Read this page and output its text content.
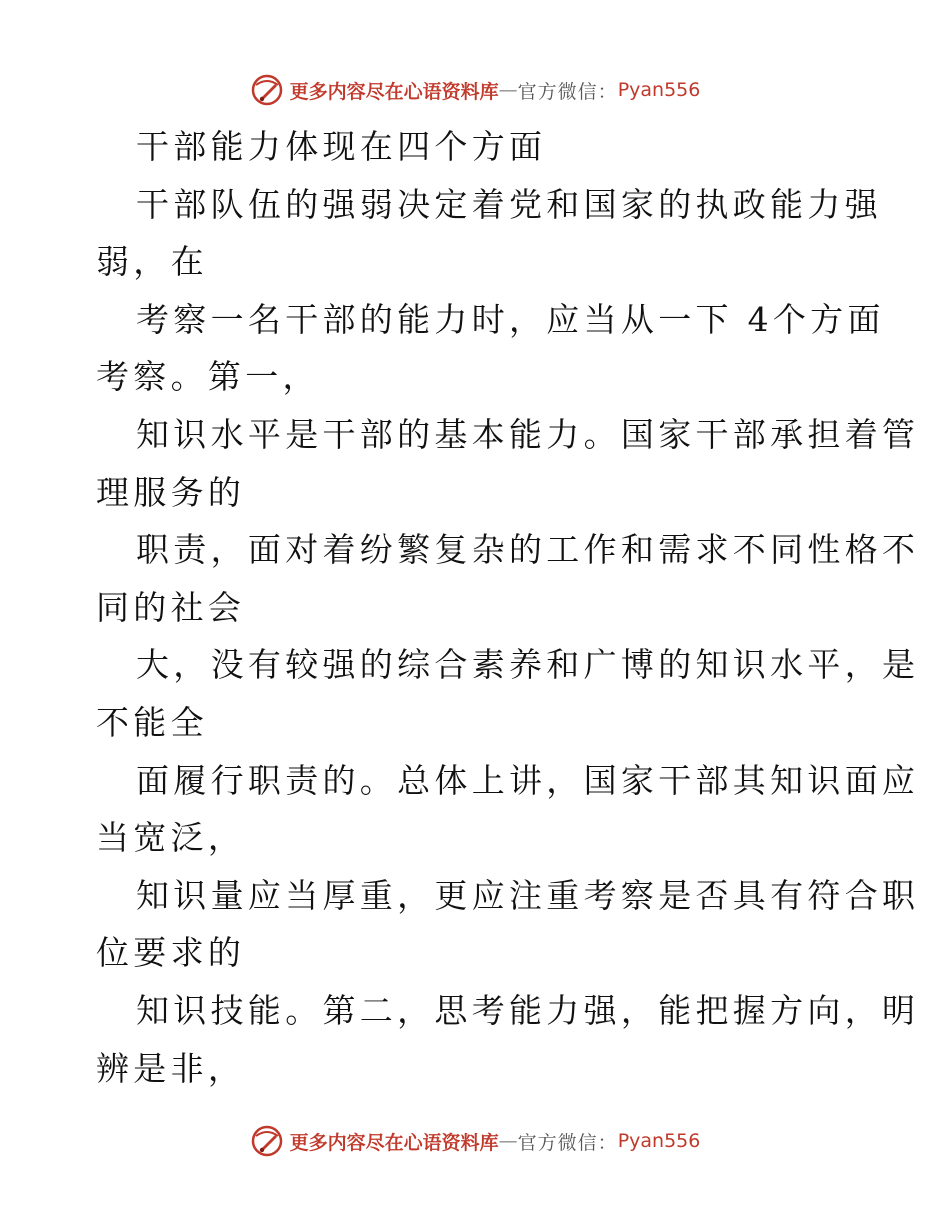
更多内容尽在心语资料库 — 官方微信： Pyan556
干部能力体现在四个方面
干部队伍的强弱决定着党和国家的执政能力强
弱，在
考察一名干部的能力时，应当从一下 4个方面
考察。第一，
知识水平是干部的基本能力。国家干部承担着管
理服务的
职责，面对着纷繁复杂的工作和需求不同性格不
同的社会
大，没有较强的综合素养和广博的知识水平，是
不能全
面履行职责的。总体上讲，国家干部其知识面应
当宽泛，
知识量应当厚重，更应注重考察是否具有符合职
位要求的
知识技能。第二，思考能力强，能把握方向，明
辨是非，
更多内容尽在心语资料库 — 官方微信： Pyan556
